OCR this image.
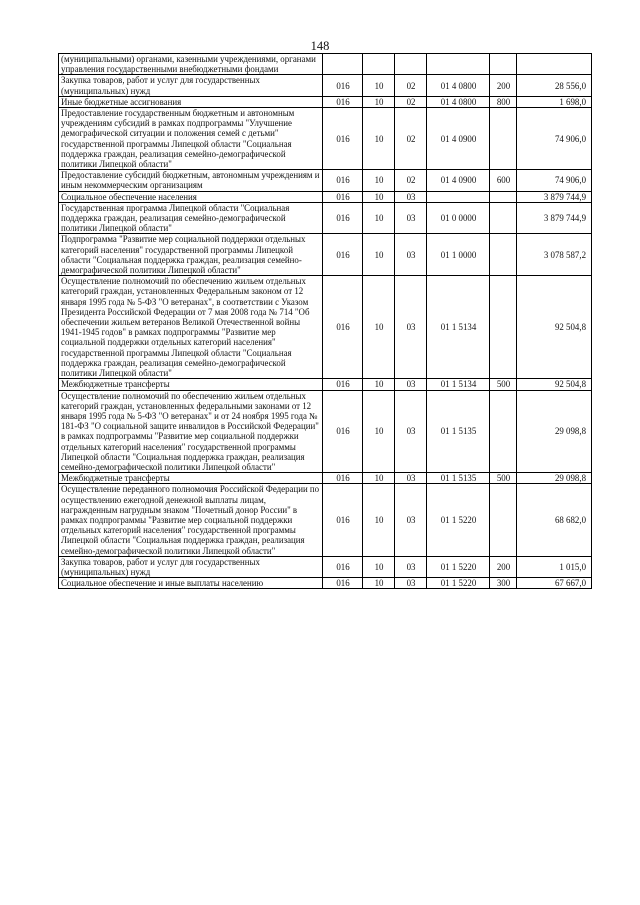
148
(муниципальными) органами, казенными учреждениями, органами управления государственными внебюджетными фондами						
Закупка товаров, работ и услуг для государственных (муниципальных) нужд	016	10	02	01 4 0800	200	28 556,0
Иные бюджетные ассигнования	016	10	02	01 4 0800	800	1 698,0
Предоставление государственным бюджетным и автономным учреждениям субсидий в рамках подпрограммы "Улучшение демографической ситуации и положения семей с детьми" государственной программы Липецкой области "Социальная поддержка граждан, реализация семейно-демографической политики Липецкой области"	016	10	02	01 4 0900		74 906,0
Предоставление субсидий бюджетным, автономным учреждениям и иным некоммерческим организациям	016	10	02	01 4 0900	600	74 906,0
Социальное обеспечение населения	016	10	03			3 879 744,9
Государственная программа Липецкой области "Социальная поддержка граждан, реализация семейно-демографической политики Липецкой области"	016	10	03	01 0 0000		3 879 744,9
Подпрограмма "Развитие мер социальной поддержки отдельных категорий населения" государственной программы Липецкой области "Социальная поддержка граждан, реализация семейно-демографической политики Липецкой области"	016	10	03	01 1 0000		3 078 587,2
Осуществление полномочий по обеспечению жильем отдельных категорий граждан, установленных Федеральным законом от 12 января 1995 года № 5-ФЗ "О ветеранах", в соответствии с Указом Президента Российской Федерации от 7 мая 2008 года № 714 "Об обеспечении жильем ветеранов Великой Отечественной войны 1941-1945 годов" в рамках подпрограммы "Развитие мер социальной поддержки отдельных категорий населения" государственной программы Липецкой области "Социальная поддержка граждан, реализация семейно-демографической политики Липецкой области"	016	10	03	01 1 5134		92 504,8
Межбюджетные трансферты	016	10	03	01 1 5134	500	92 504,8
Осуществление полномочий по обеспечению жильем отдельных категорий граждан, установленных федеральными законами от 12 января 1995 года № 5-ФЗ "О ветеранах" и от 24 ноября 1995 года № 181-ФЗ "О социальной защите инвалидов в Российской Федерации" в рамках подпрограммы "Развитие мер социальной поддержки отдельных категорий населения" государственной программы Липецкой области "Социальная поддержка граждан, реализация семейно-демографической политики Липецкой области"	016	10	03	01 1 5135		29 098,8
Межбюджетные трансферты	016	10	03	01 1 5135	500	29 098,8
Осуществление переданного полномочия Российской Федерации по осуществлению ежегодной денежной выплаты лицам, награжденным нагрудным знаком "Почетный донор России" в рамках подпрограммы "Развитие мер социальной поддержки отдельных категорий населения" государственной программы Липецкой области "Социальная поддержка граждан, реализация семейно-демографической политики Липецкой области"	016	10	03	01 1 5220		68 682,0
Закупка товаров, работ и услуг для государственных (муниципальных) нужд	016	10	03	01 1 5220	200	1 015,0
Социальное обеспечение и иные выплаты населению	016	10	03	01 1 5220	300	67 667,0
